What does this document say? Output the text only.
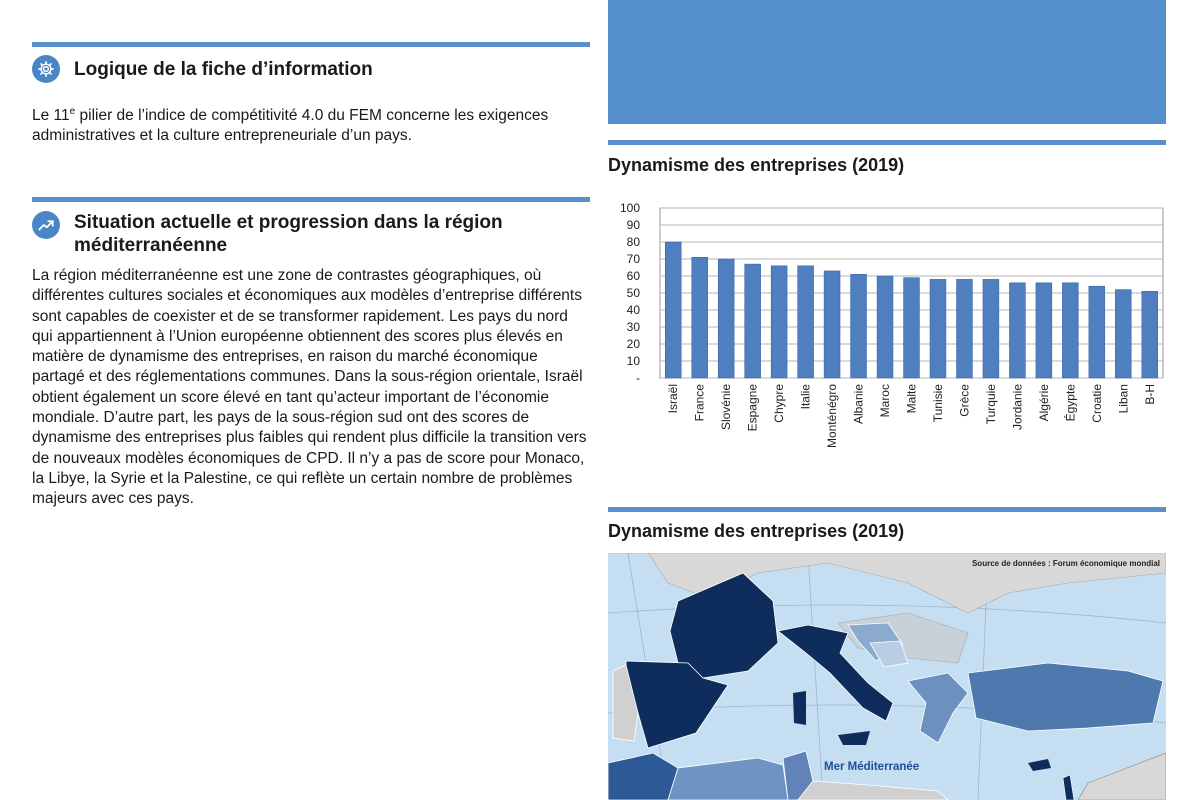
Logique de la fiche d’information
Le 11e pilier de l’indice de compétitivité 4.0 du FEM concerne les exigences administratives et la culture entrepreneuriale d’un pays.
Situation actuelle et progression dans la région méditerranéenne
La région méditerranéenne est une zone de contrastes géographiques, où différentes cultures sociales et économiques aux modèles d’entreprise différents sont capables de coexister et de se transformer rapidement. Les pays du nord qui appartiennent à l’Union européenne obtiennent des scores plus élevés en matière de dynamisme des entreprises, en raison du marché économique partagé et des réglementations communes. Dans la sous-région orientale, Israël obtient également un score élevé en tant qu’acteur important de l’économie mondiale. D’autre part, les pays de la sous-région sud ont des scores de dynamisme des entreprises plus faibles qui rendent plus difficile la transition vers de nouveaux modèles économiques de CPD. Il n’y a pas de score pour Monaco, la Libye, la Syrie et la Palestine, ce qui reflète un certain nombre de problèmes majeurs avec ces pays.
Dynamisme des entreprises (2019)
-
10
20
30
40
50
60
70
80
90
100
Israël France Slovénie Espagne Chypre Italie Monténégro Albanie Maroc Malte Tunisie Grèce Turquie Jordanie Algérie Égypte Croatie Liban B-H
Dynamisme des entreprises (2019)
Source de données : Forum économique mondial
Mer Méditerranée
